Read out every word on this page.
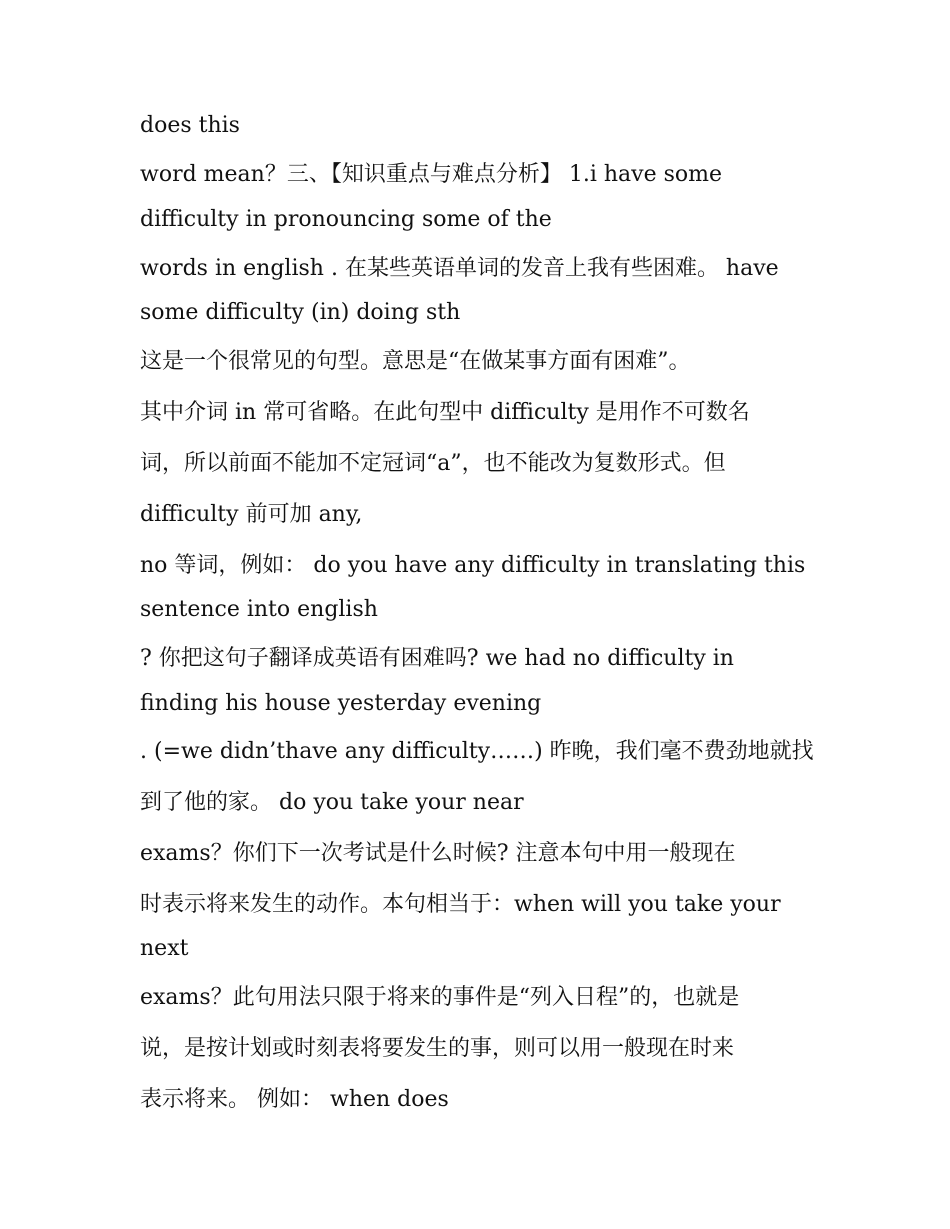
does this
word mean？三、【知识重点与难点分析】 1.i have some
difficulty in pronouncing some of the
words in english . 在某些英语单词的发音上我有些困难。 have
some difficulty (in) doing sth
这是一个很常见的句型。意思是“在做某事方面有困难”。
其中介词 in 常可省略。在此句型中 difficulty 是用作不可数名
词，所以前面不能加不定冠词“a”，也不能改为复数形式。但
difficulty 前可加 any,
no 等词，例如： do you have any difficulty in translating this
sentence into english
? 你把这句子翻译成英语有困难吗? we had no difficulty in
finding his house yesterday evening
. (=we didn’thave any difficulty……) 昨晚，我们毫不费劲地就找
到了他的家。 do you take your near
exams？你们下一次考试是什么时候? 注意本句中用一般现在
时表示将来发生的动作。本句相当于：when will you take your
next
exams？此句用法只限于将来的事件是“列入日程”的，也就是
说，是按计划或时刻表将要发生的事，则可以用一般现在时来
表示将来。 例如： when does
